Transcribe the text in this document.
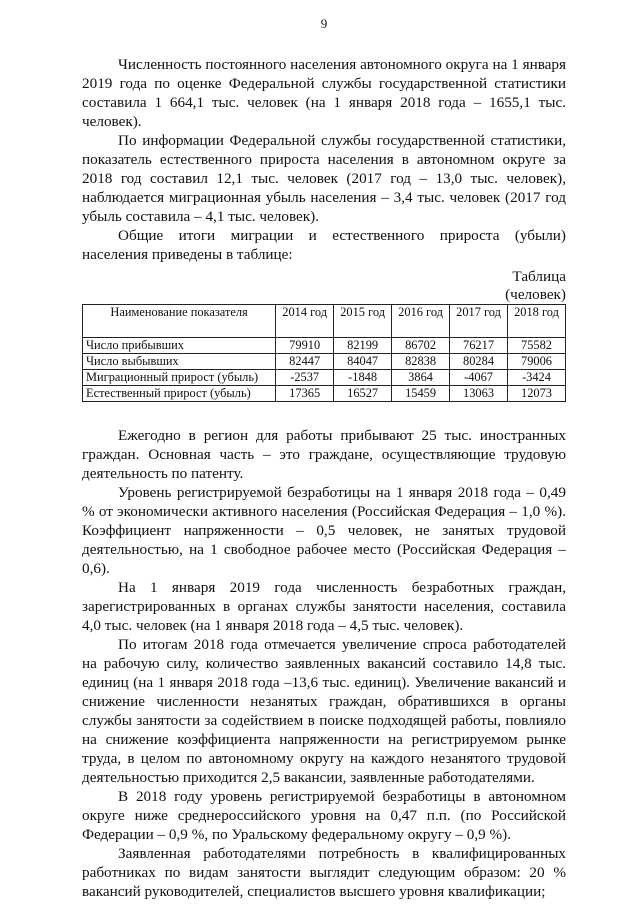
9

Численность постоянного населения автономного округа на 1 января 2019 года по оценке Федеральной службы государственной статистики составила 1 664,1 тыс. человек (на 1 января 2018 года – 1655,1 тыс. человек).

По информации Федеральной службы государственной статистики, показатель естественного прироста населения в автономном округе за 2018 год составил 12,1 тыс. человек (2017 год – 13,0 тыс. человек), наблюдается миграционная убыль населения – 3,4 тыс. человек (2017 год убыль составила – 4,1 тыс. человек).

Общие итоги миграции и естественного прироста (убыли) населения приведены в таблице:

Таблица
(человек)
Наименование показателя	2014 год	2015 год	2016 год	2017 год	2018 год
Число прибывших	79910	82199	86702	76217	75582
Число выбывших	82447	84047	82838	80284	79006
Миграционный прирост (убыль)	-2537	-1848	3864	-4067	-3424
Естественный прирост (убыль)	17365	16527	15459	13063	12073

Ежегодно в регион для работы прибывают 25 тыс. иностранных граждан. Основная часть – это граждане, осуществляющие трудовую деятельность по патенту.

Уровень регистрируемой безработицы на 1 января 2018 года – 0,49 % от экономически активного населения (Российская Федерация – 1,0 %). Коэффициент напряженности – 0,5 человек, не занятых трудовой деятельностью, на 1 свободное рабочее место (Российская Федерация – 0,6).

На 1 января 2019 года численность безработных граждан, зарегистрированных в органах службы занятости населения, составила 4,0 тыс. человек (на 1 января 2018 года – 4,5 тыс. человек).

По итогам 2018 года отмечается увеличение спроса работодателей на рабочую силу, количество заявленных вакансий составило 14,8 тыс. единиц (на 1 января 2018 года –13,6 тыс. единиц). Увеличение вакансий и снижение численности незанятых граждан, обратившихся в органы службы занятости за содействием в поиске подходящей работы, повлияло на снижение коэффициента напряженности на регистрируемом рынке труда, в целом по автономному округу на каждого незанятого трудовой деятельностью приходится 2,5 вакансии, заявленные работодателями.

В 2018 году уровень регистрируемой безработицы в автономном округе ниже среднероссийского уровня на 0,47 п.п. (по Российской Федерации – 0,9 %, по Уральскому федеральному округу – 0,9 %).

Заявленная работодателями потребность в квалифицированных работниках по видам занятости выглядит следующим образом: 20 % вакансий руководителей, специалистов высшего уровня квалификации;
